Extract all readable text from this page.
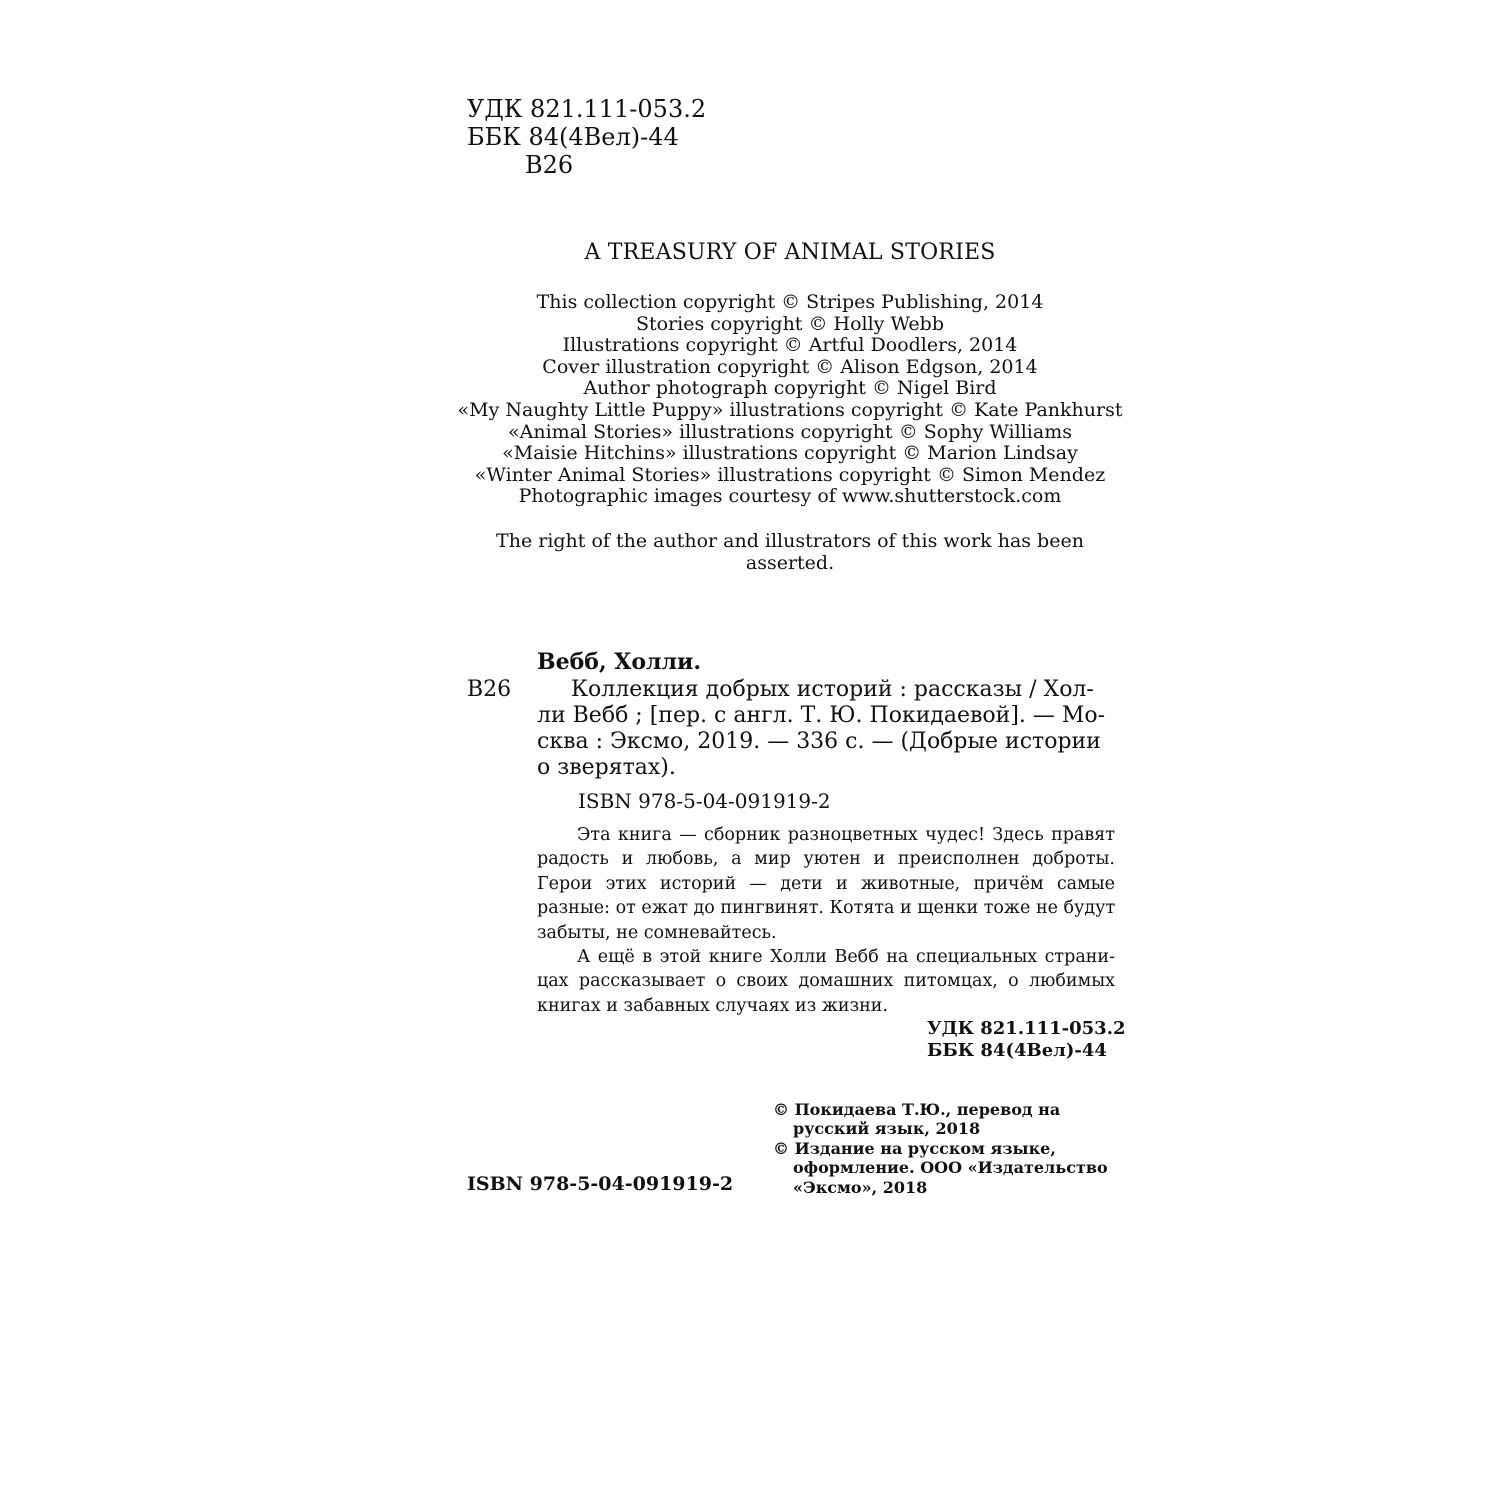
УДК 821.111-053.2
ББК 84(4Вел)-44
В26
A TREASURY OF ANIMAL STORIES
This collection copyright © Stripes Publishing, 2014
Stories copyright © Holly Webb
Illustrations copyright © Artful Doodlers, 2014
Cover illustration copyright © Alison Edgson, 2014
Author photograph copyright © Nigel Bird
«My Naughty Little Puppy» illustrations copyright © Kate Pankhurst
«Animal Stories» illustrations copyright © Sophy Williams
«Maisie Hitchins» illustrations copyright © Marion Lindsay
«Winter Animal Stories» illustrations copyright © Simon Mendez
Photographic images courtesy of www.shutterstock.com
The right of the author and illustrators of this work has been
asserted.
Вебб, Холли.
В26	Коллекция добрых историй : рассказы / Хол-
ли Вебб ; [пер. с англ. Т. Ю. Покидаевой]. — Мо-
сква : Эксмо, 2019. — 336 с. — (Добрые истории
о зверятах).
ISBN 978-5-04-091919-2
Эта книга — сборник разноцветных чудес! Здесь правят
радость и любовь, а мир уютен и преисполнен доброты.
Герои этих историй — дети и животные, причём самые
разные: от ежат до пингвинят. Котята и щенки тоже не будут
забыты, не сомневайтесь.
А ещё в этой книге Холли Вебб на специальных страни-
цах рассказывает о своих домашних питомцах, о любимых
книгах и забавных случаях из жизни.
УДК 821.111-053.2
ББК 84(4Вел)-44
ISBN 978-5-04-091919-2
© Покидаева Т.Ю., перевод на
русский язык, 2018
© Издание на русском языке,
оформление. ООО «Издательство
«Эксмо», 2018
